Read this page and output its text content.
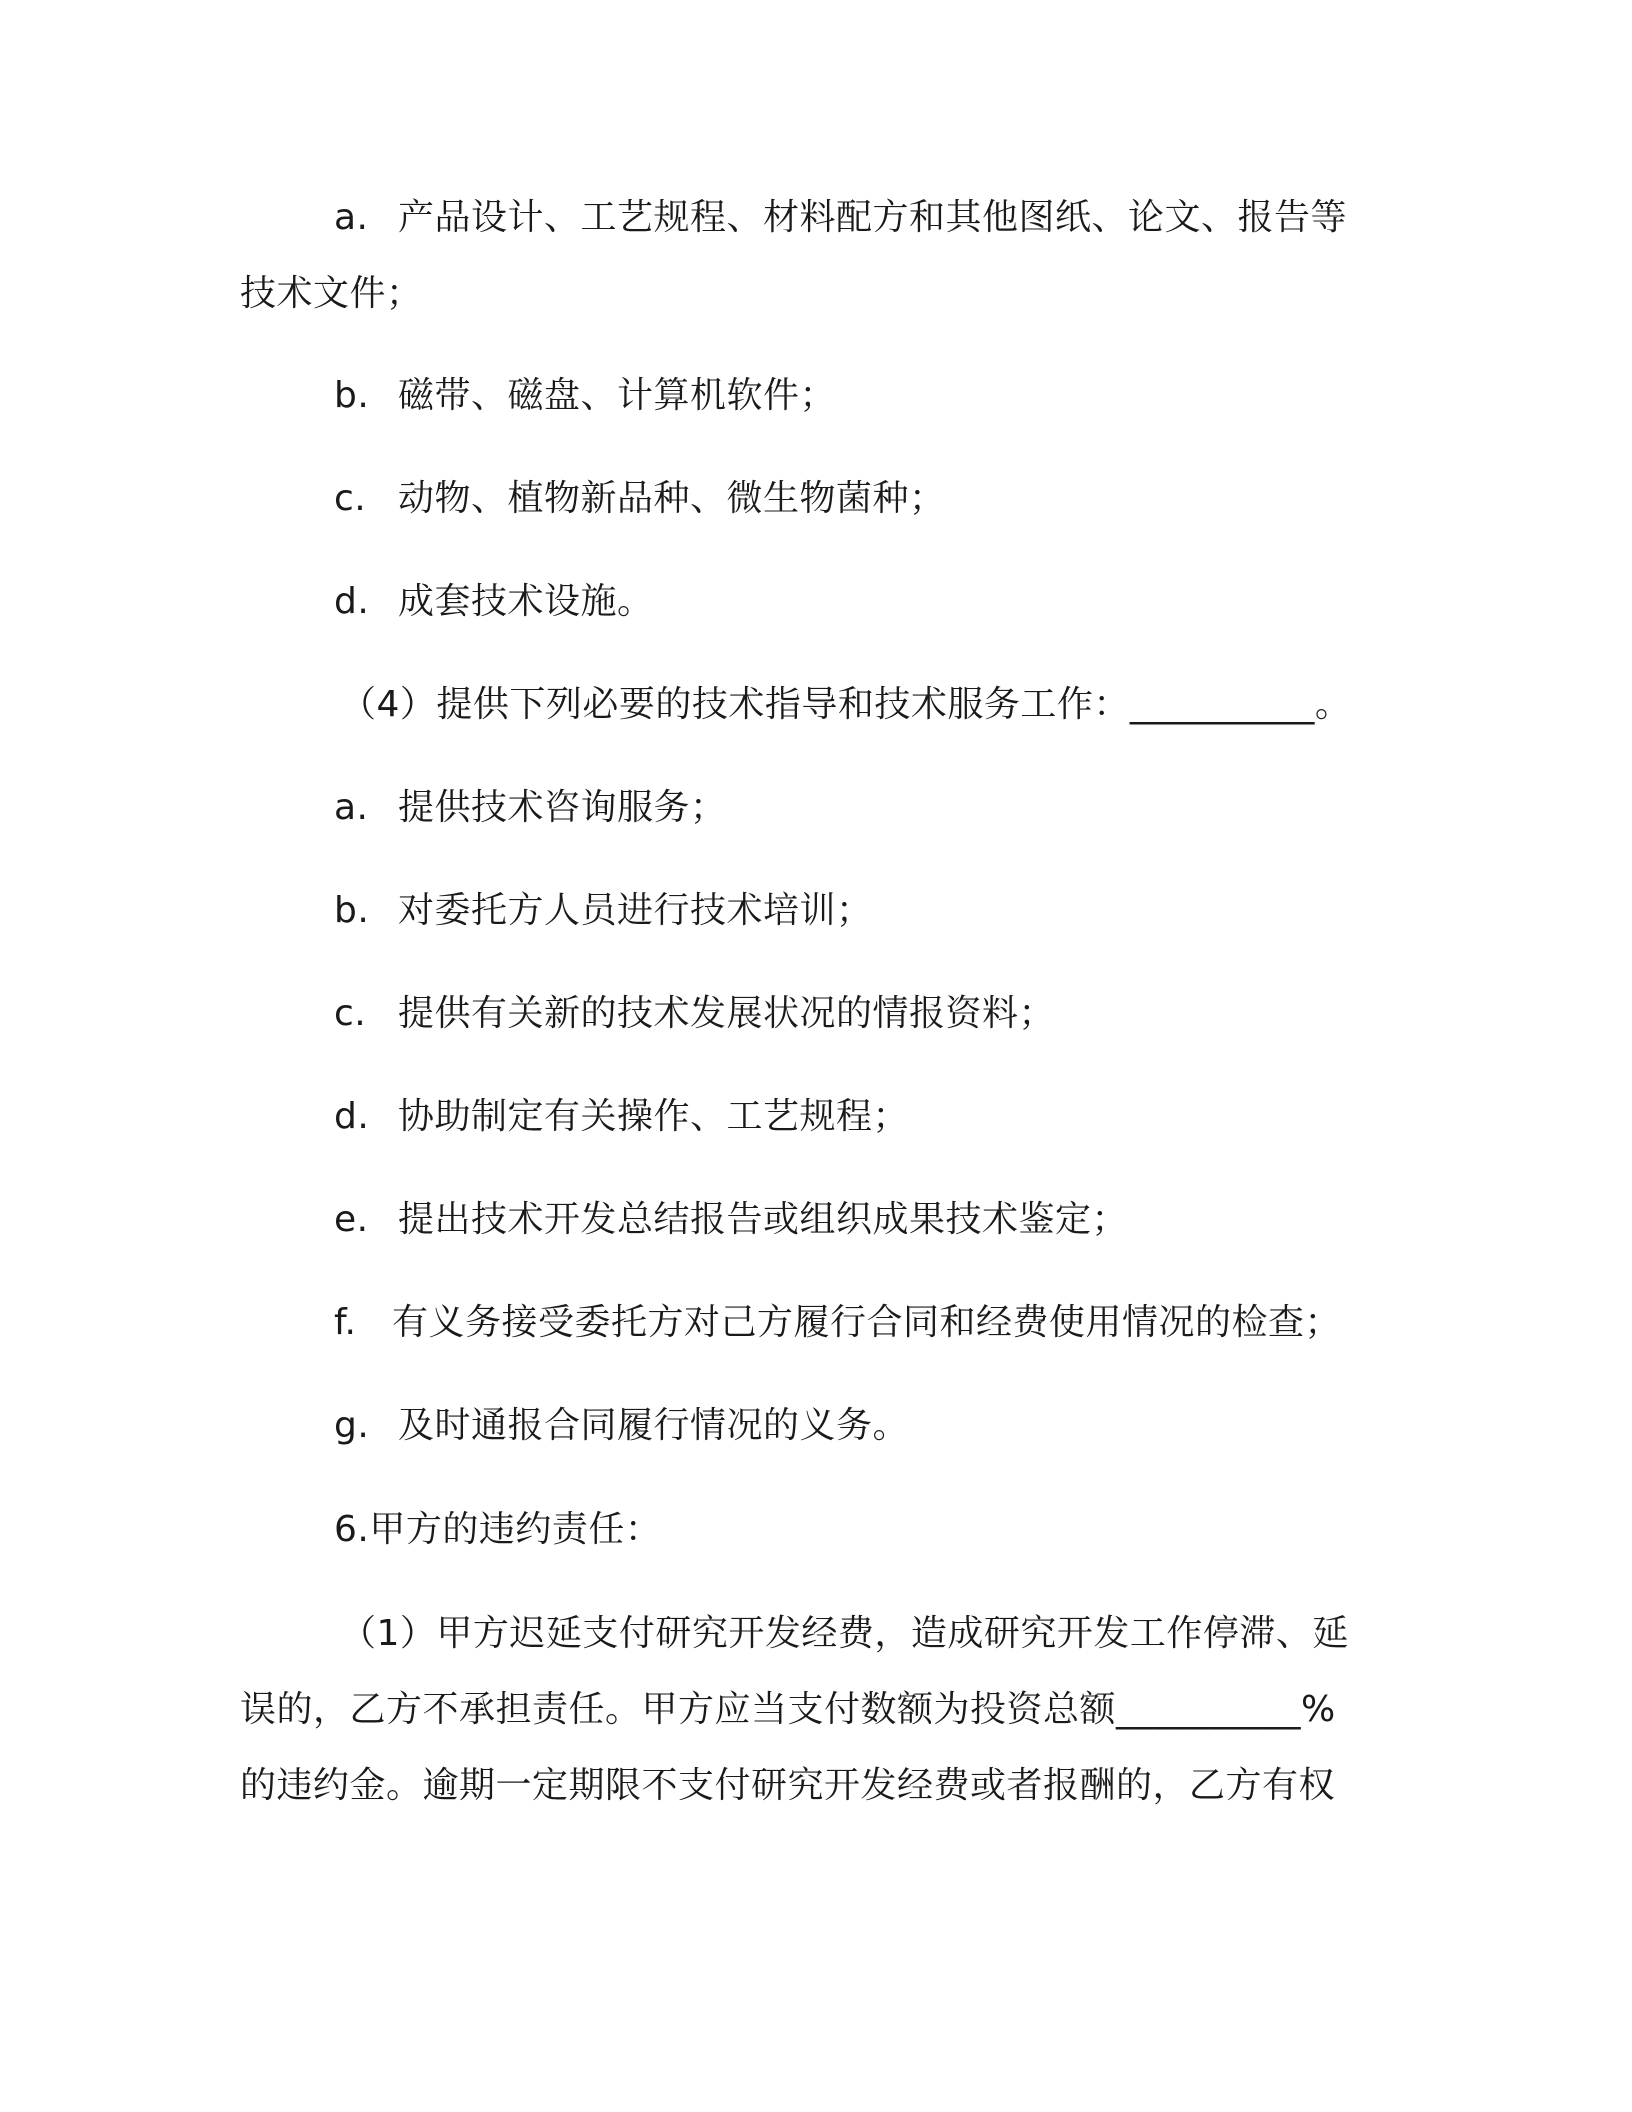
a. 产品设计、工艺规程、材料配方和其他图纸、论文、报告等
技术文件；
b. 磁带、磁盘、计算机软件；
c. 动物、植物新品种、微生物菌种；
d. 成套技术设施。
（4）提供下列必要的技术指导和技术服务工作：__________。
a. 提供技术咨询服务；
b. 对委托方人员进行技术培训；
c. 提供有关新的技术发展状况的情报资料；
d. 协助制定有关操作、工艺规程；
e. 提出技术开发总结报告或组织成果技术鉴定；
f. 有义务接受委托方对己方履行合同和经费使用情况的检查；
g. 及时通报合同履行情况的义务。
6.甲方的违约责任：
（1）甲方迟延支付研究开发经费，造成研究开发工作停滞、延
误的，乙方不承担责任。甲方应当支付数额为投资总额__________%
的违约金。逾期一定期限不支付研究开发经费或者报酬的，乙方有权
